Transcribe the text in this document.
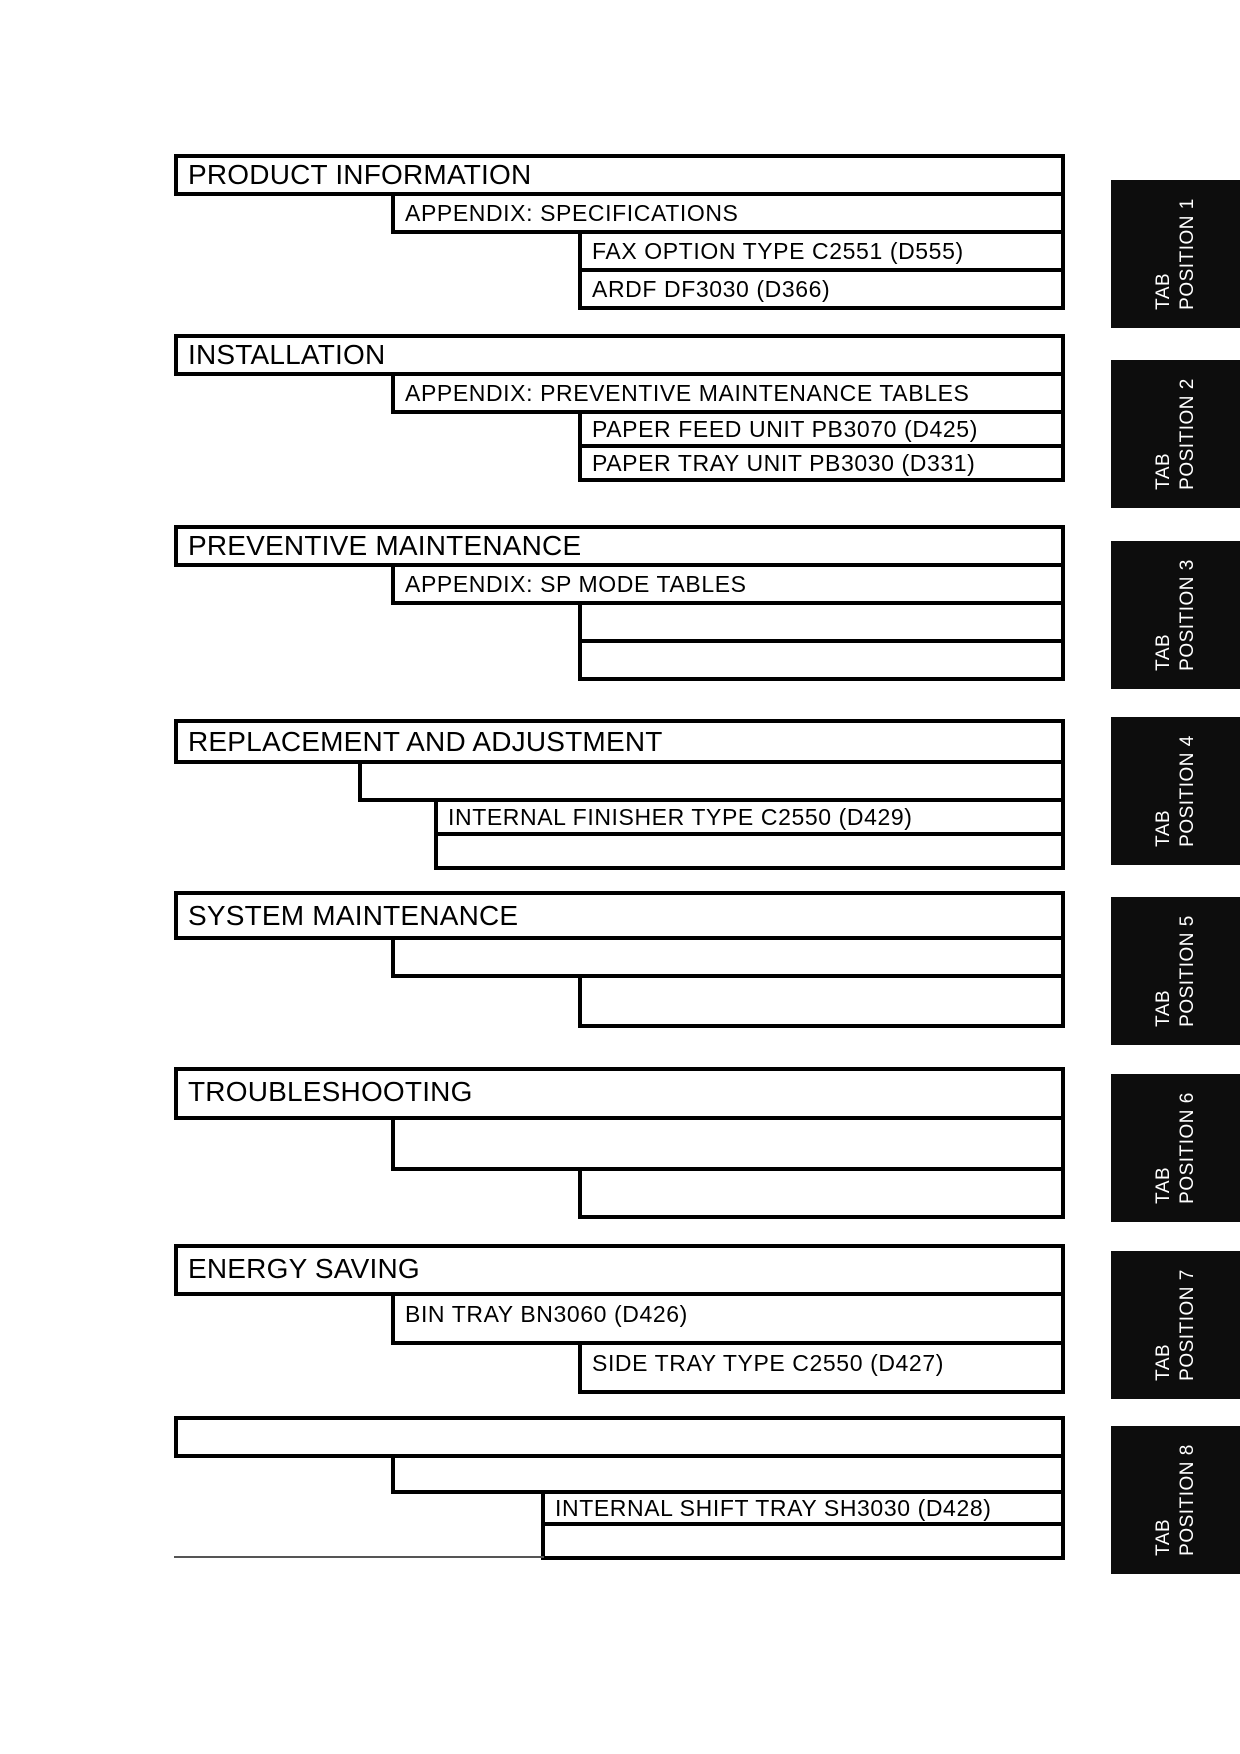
PRODUCT INFORMATION
APPENDIX: SPECIFICATIONS
FAX OPTION TYPE C2551 (D555)
ARDF DF3030 (D366)
INSTALLATION
APPENDIX: PREVENTIVE MAINTENANCE TABLES
PAPER FEED UNIT PB3070 (D425)
PAPER TRAY UNIT PB3030 (D331)
PREVENTIVE MAINTENANCE
APPENDIX: SP MODE TABLES
REPLACEMENT AND ADJUSTMENT
INTERNAL FINISHER TYPE C2550 (D429)
SYSTEM MAINTENANCE
TROUBLESHOOTING
ENERGY SAVING
BIN TRAY BN3060 (D426)
SIDE TRAY TYPE C2550 (D427)
INTERNAL SHIFT TRAY SH3030 (D428)
TAB POSITION 1
TAB POSITION 2
TAB POSITION 3
TAB POSITION 4
TAB POSITION 5
TAB POSITION 6
TAB POSITION 7
TAB POSITION 8
